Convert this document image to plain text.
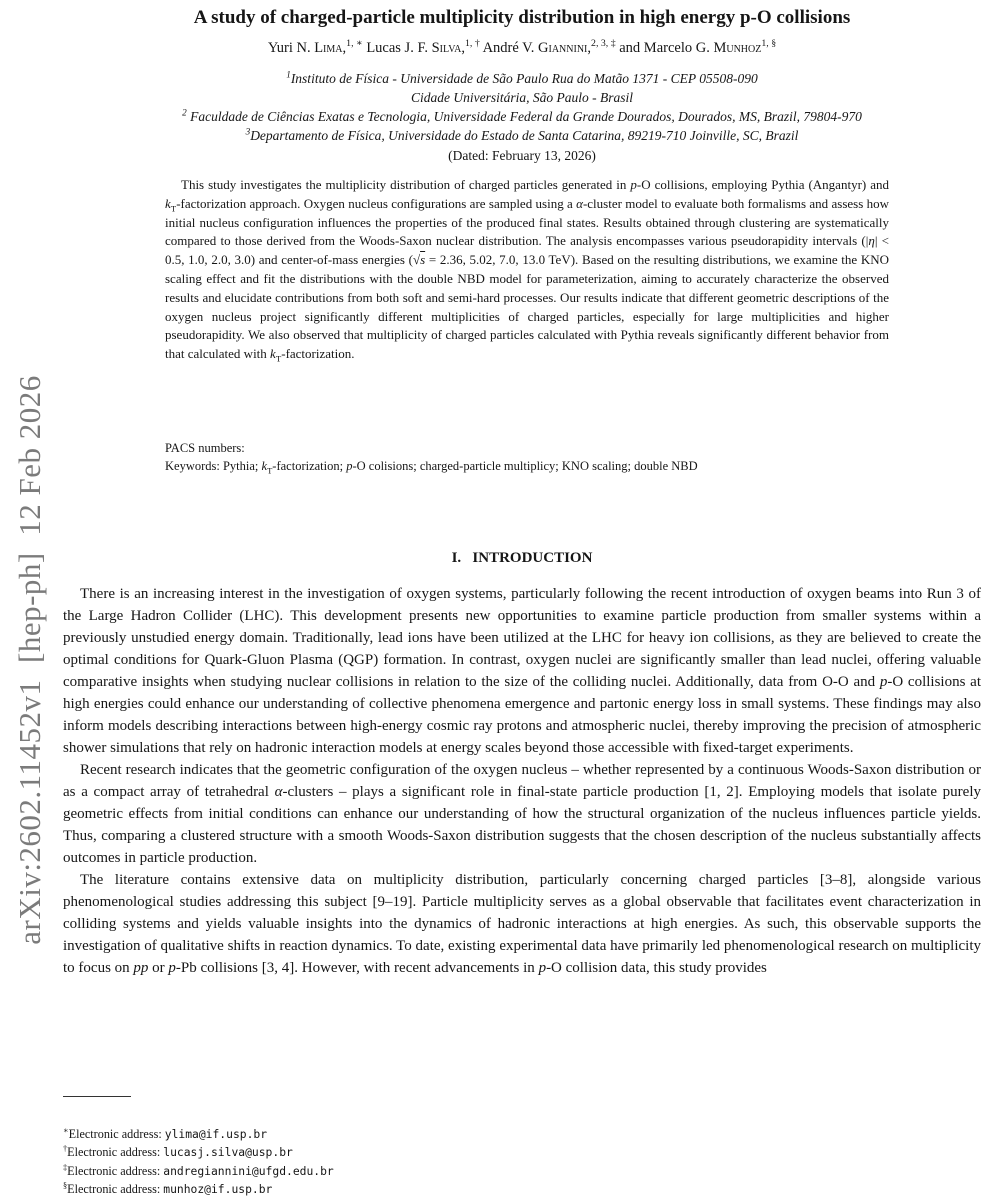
arXiv:2602.11452v1  [hep-ph]  12 Feb 2026
A study of charged-particle multiplicity distribution in high energy p-O collisions
Yuri N. Lima,$^{1, ∗}$ Lucas J. F. Silva,$^{1, \dagger}$ André V. Giannini,$^{2, 3, \ddagger}$ and Marcelo G. Munhoz$^{1, \S}$
$^1$Instituto de Física - Universidade de São Paulo Rua do Matão 1371 - CEP 05508-090
Cidade Universitária, São Paulo - Brasil
$^2$ Faculdade de Ciências Exatas e Tecnologia, Universidade Federal da Grande Dourados, Dourados, MS, Brazil, 79804-970
$^3$Departamento de Física, Universidade do Estado de Santa Catarina, 89219-710 Joinville, SC, Brazil
(Dated: February 13, 2026)
This study investigates the multiplicity distribution of charged particles generated in p-O collisions, employing Pythia (Angantyr) and $k_T$-factorization approach. Oxygen nucleus configurations are sampled using a α-cluster model to evaluate both formalisms and assess how initial nucleus configuration influences the properties of the produced final states. Results obtained through clustering are systematically compared to those derived from the Woods-Saxon nuclear distribution. The analysis encompasses various pseudorapidity intervals (|η| < 0.5, 1.0, 2.0, 3.0) and center-of-mass energies (√s = 2.36, 5.02, 7.0, 13.0 TeV). Based on the resulting distributions, we examine the KNO scaling effect and fit the distributions with the double NBD model for parameterization, aiming to accurately characterize the observed results and elucidate contributions from both soft and semi-hard processes. Our results indicate that different geometric descriptions of the oxygen nucleus project significantly different multiplicities of charged particles, especially for large multiplicities and higher pseudorapidity. We also observed that multiplicity of charged particles calculated with Pythia reveals significantly different behavior from that calculated with $k_T$-factorization.
PACS numbers:
Keywords: Pythia; $k_T$-factorization; p-O colisions; charged-particle multiplicy; KNO scaling; double NBD
I.   INTRODUCTION

There is an increasing interest in the investigation of oxygen systems, particularly following the recent introduction of oxygen beams into Run 3 of the Large Hadron Collider (LHC). This development presents new opportunities to examine particle production from smaller systems within a previously unstudied energy domain. Traditionally, lead ions have been utilized at the LHC for heavy ion collisions, as they are believed to create the optimal conditions for Quark-Gluon Plasma (QGP) formation. In contrast, oxygen nuclei are significantly smaller than lead nuclei, offering valuable comparative insights when studying nuclear collisions in relation to the size of the colliding nuclei. Additionally, data from O-O and p-O collisions at high energies could enhance our understanding of collective phenomena emergence and partonic energy loss in small systems. These findings may also inform models describing interactions between high-energy cosmic ray protons and atmospheric nuclei, thereby improving the precision of atmospheric shower simulations that rely on hadronic interaction models at energy scales beyond those accessible with fixed-target experiments.

Recent research indicates that the geometric configuration of the oxygen nucleus – whether represented by a continuous Woods-Saxon distribution or as a compact array of tetrahedral α-clusters – plays a significant role in final-state particle production [1, 2]. Employing models that isolate purely geometric effects from initial conditions can enhance our understanding of how the structural organization of the nucleus influences particle yields. Thus, comparing a clustered structure with a smooth Woods-Saxon distribution suggests that the chosen description of the nucleus substantially affects outcomes in particle production.

The literature contains extensive data on multiplicity distribution, particularly concerning charged particles [3–8], alongside various phenomenological studies addressing this subject [9–19]. Particle multiplicity serves as a global observable that facilitates event characterization in colliding systems and yields valuable insights into the dynamics of hadronic interactions at high energies. As such, this observable supports the investigation of qualitative shifts in reaction dynamics. To date, existing experimental data have primarily led phenomenological research on multiplicity to focus on pp or p-Pb collisions [3, 4]. However, with recent advancements in p-O collision data, this study provides

∗Electronic address: ylima@if.usp.br
†Electronic address: lucasj.silva@usp.br
‡Electronic address: andregiannini@ufgd.edu.br
§Electronic address: munhoz@if.usp.br
